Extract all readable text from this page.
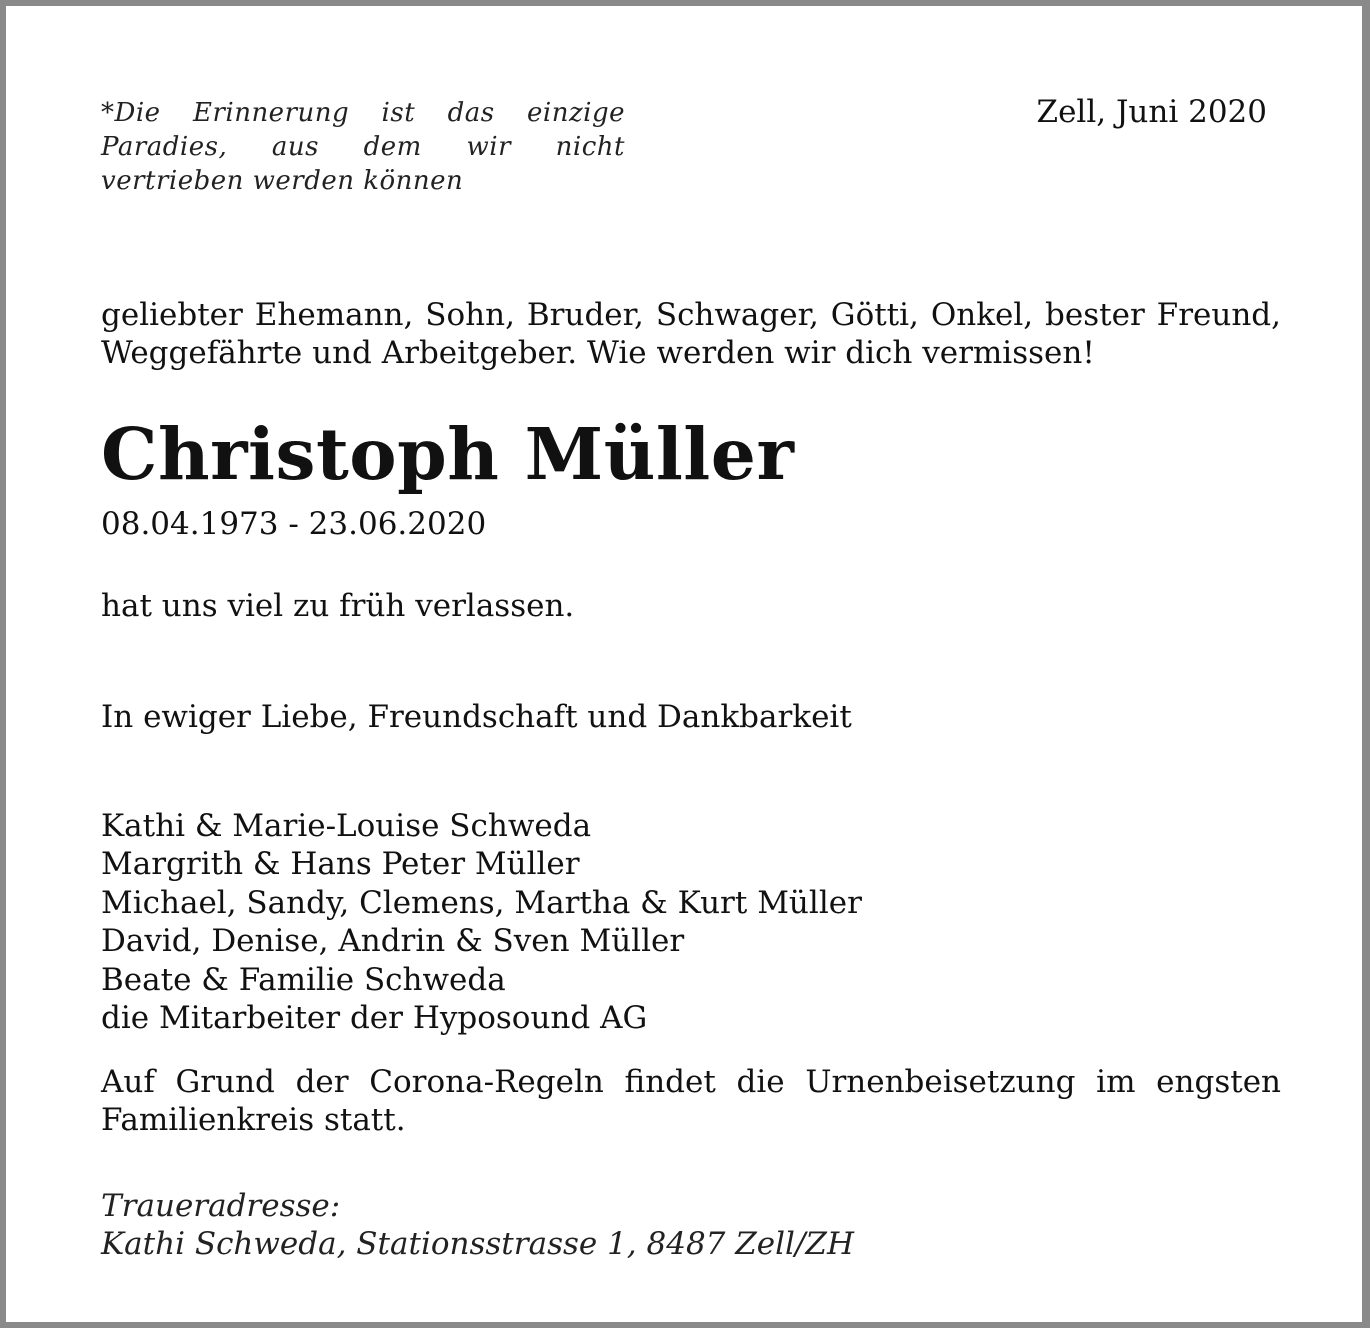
*Die Erinnerung ist das einzige Paradies, aus dem wir nicht vertrieben werden können
Zell, Juni 2020
geliebter Ehemann, Sohn, Bruder, Schwager, Götti, Onkel, bester Freund, Weggefährte und Arbeitgeber. Wie werden wir dich vermissen!
Christoph Müller
08.04.1973 - 23.06.2020
hat uns viel zu früh verlassen.
In ewiger Liebe, Freundschaft und Dankbarkeit
Kathi & Marie-Louise Schweda
Margrith & Hans Peter Müller
Michael, Sandy, Clemens, Martha & Kurt Müller
David, Denise, Andrin & Sven Müller
Beate & Familie Schweda
die Mitarbeiter der Hyposound AG
Auf Grund der Corona-Regeln findet die Urnenbeisetzung im engsten Familienkreis statt.
Traueradresse:
Kathi Schweda, Stationsstrasse 1, 8487 Zell/ZH
